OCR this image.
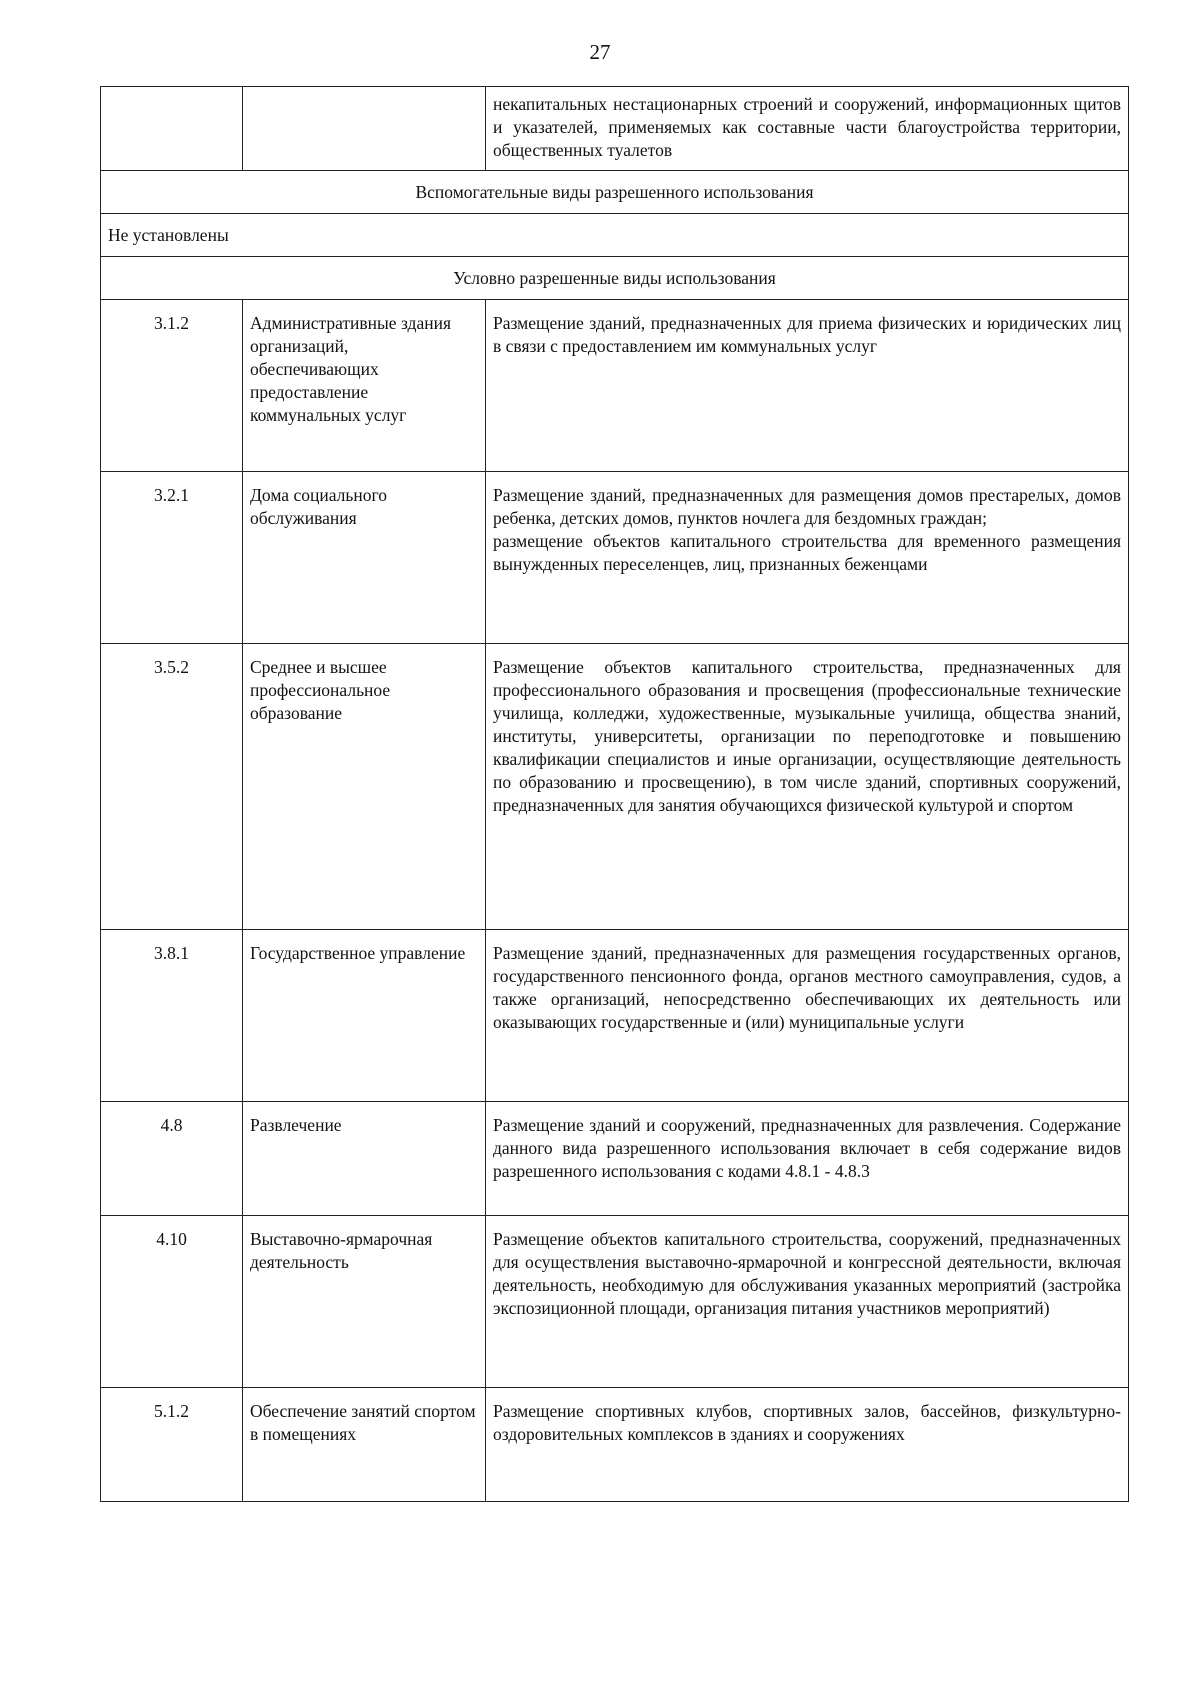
27
		некапитальных нестационарных строений и сооружений, информационных щитов и указателей, применяемых как составные части благоустройства территории, общественных туалетов
Вспомогательные виды разрешенного использования		
Не установлены		
Условно разрешенные виды использования		
3.1.2	Административные здания организаций, обеспечивающих предоставление коммунальных услуг	Размещение зданий, предназначенных для приема физических и юридических лиц в связи с предоставлением им коммунальных услуг

3.2.1	Дома социального обслуживания	Размещение зданий, предназначенных для размещения домов престарелых, домов ребенка, детских домов, пунктов ночлега для бездомных граждан;
размещение объектов капитального строительства для временного размещения вынужденных переселенцев, лиц, признанных беженцами

3.5.2	Среднее и высшее профессиональное образование	Размещение объектов капитального строительства, предназначенных для профессионального образования и просвещения (профессиональные технические училища, колледжи, художественные, музыкальные училища, общества знаний, институты, университеты, организации по переподготовке и повышению квалификации специалистов и иные организации, осуществляющие деятельность по образованию и просвещению), в том числе зданий, спортивных сооружений, предназначенных для занятия обучающихся физической культурой и спортом

3.8.1	Государственное управление	Размещение зданий, предназначенных для размещения государственных органов, государственного пенсионного фонда, органов местного самоуправления, судов, а также организаций, непосредственно обеспечивающих их деятельность или оказывающих государственные и (или) муниципальные услуги

4.8	Развлечение	Размещение зданий и сооружений, предназначенных для развлечения. Содержание данного вида разрешенного использования включает в себя содержание видов разрешенного использования с кодами 4.8.1 - 4.8.3

4.10	Выставочно-ярмарочная деятельность	Размещение объектов капитального строительства, сооружений, предназначенных для осуществления выставочно-ярмарочной и конгрессной деятельности, включая деятельность, необходимую для обслуживания указанных мероприятий (застройка экспозиционной площади, организация питания участников мероприятий)

5.1.2	Обеспечение занятий спортом в помещениях	Размещение спортивных клубов, спортивных залов, бассейнов, физкультурно-оздоровительных комплексов в зданиях и сооружениях
